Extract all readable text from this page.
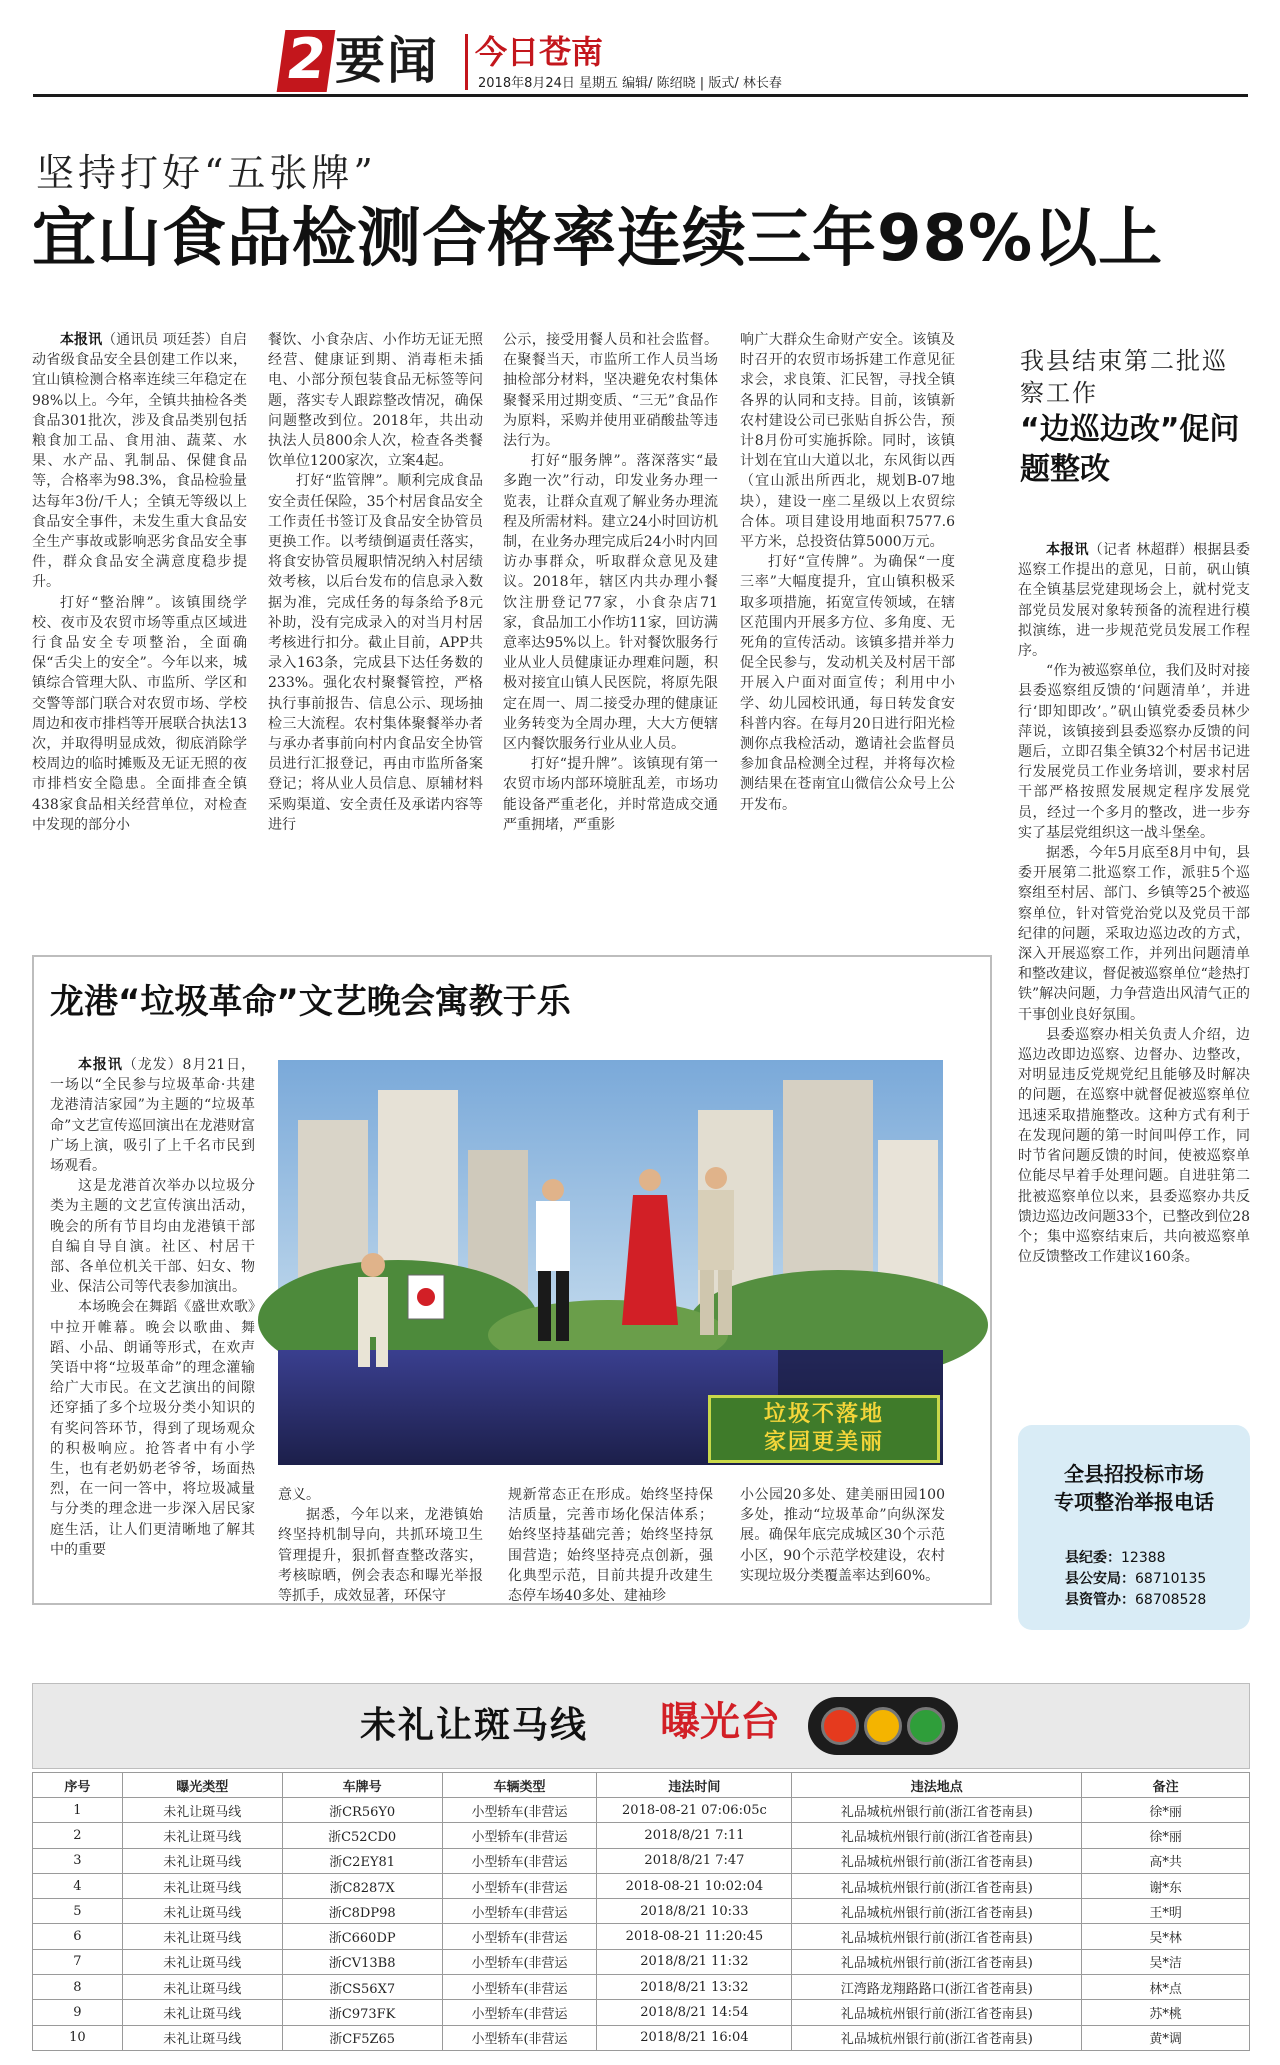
2 要闻 今日苍南
2018年8月24日 星期五 编辑/ 陈绍晓 | 版式/ 林长春
坚持打好“五张牌”
宜山食品检测合格率连续三年98%以上

本报讯（通讯员 项廷荟）自启动省级食品安全县创建工作以来，宜山镇检测合格率连续三年稳定在98%以上。今年，全镇共抽检各类食品301批次，涉及食品类别包括粮食加工品、食用油、蔬菜、水果、水产品、乳制品、保健食品等，合格率为98.3%，食品检验量达每年3份/千人；全镇无等级以上食品安全事件，未发生重大食品安全生产事故或影响恶劣食品安全事件，群众食品安全满意度稳步提升。

打好“整治牌”。该镇围绕学校、夜市及农贸市场等重点区域进行食品安全专项整治，全面确保“舌尖上的安全”。今年以来，城镇综合管理大队、市监所、学区和交警等部门联合对农贸市场、学校周边和夜市排档等开展联合执法13次，并取得明显成效，彻底消除学校周边的临时摊贩及无证无照的夜市排档安全隐患。全面排查全镇438家食品相关经营单位，对检查中发现的部分小

餐饮、小食杂店、小作坊无证无照经营、健康证到期、消毒柜未插电、小部分预包装食品无标签等问题，落实专人跟踪整改情况，确保问题整改到位。2018年，共出动执法人员800余人次，检查各类餐饮单位1200家次，立案4起。

打好“监管牌”。顺利完成食品安全责任保险，35个村居食品安全工作责任书签订及食品安全协管员更换工作。以考绩倒逼责任落实，将食安协管员履职情况纳入村居绩效考核，以后台发布的信息录入数据为准，完成任务的每条给予8元补助，没有完成录入的对当月村居考核进行扣分。截止目前，APP共录入163条，完成县下达任务数的233%。强化农村聚餐管控，严格执行事前报告、信息公示、现场抽检三大流程。农村集体聚餐举办者与承办者事前向村内食品安全协管员进行汇报登记，再由市监所备案登记；将从业人员信息、原辅材料采购渠道、安全责任及承诺内容等进行

公示，接受用餐人员和社会监督。在聚餐当天，市监所工作人员当场抽检部分材料，坚决避免农村集体聚餐采用过期变质、“三无”食品作为原料，采购并使用亚硝酸盐等违法行为。

打好“服务牌”。落深落实“最多跑一次”行动，印发业务办理一览表，让群众直观了解业务办理流程及所需材料。建立24小时回访机制，在业务办理完成后24小时内回访办事群众，听取群众意见及建议。2018年，辖区内共办理小餐饮注册登记77家，小食杂店71家，食品加工小作坊11家，回访满意率达95%以上。针对餐饮服务行业从业人员健康证办理难问题，积极对接宜山镇人民医院，将原先限定在周一、周二接受办理的健康证业务转变为全周办理，大大方便辖区内餐饮服务行业从业人员。

打好“提升牌”。该镇现有第一农贸市场内部环境脏乱差，市场功能设备严重老化，并时常造成交通严重拥堵，严重影

响广大群众生命财产安全。该镇及时召开的农贸市场拆建工作意见征求会，求良策、汇民智，寻找全镇各界的认同和支持。目前，该镇新农村建设公司已张贴自拆公告，预计8月份可实施拆除。同时，该镇计划在宜山大道以北，东风街以西（宜山派出所西北，规划B-07地块），建设一座二星级以上农贸综合体。项目建设用地面积7577.6平方米，总投资估算5000万元。

打好“宣传牌”。为确保“一度三率”大幅度提升，宜山镇积极采取多项措施，拓宽宣传领域，在辖区范围内开展多方位、多角度、无死角的宣传活动。该镇多措并举力促全民参与，发动机关及村居干部开展入户面对面宣传；利用中小学、幼儿园校讯通，每日转发食安科普内容。在每月20日进行阳光检测你点我检活动，邀请社会监督员参加食品检测全过程，并将每次检测结果在苍南宜山微信公众号上公开发布。

我县结束第二批巡察工作
“边巡边改”促问题整改

本报讯（记者 林超群）根据县委巡察工作提出的意见，日前，矾山镇在全镇基层党建现场会上，就村党支部党员发展对象转预备的流程进行模拟演练，进一步规范党员发展工作程序。

“作为被巡察单位，我们及时对接县委巡察组反馈的‘问题清单’，并进行‘即知即改’。”矾山镇党委委员林少萍说，该镇接到县委巡察办反馈的问题后，立即召集全镇32个村居书记进行发展党员工作业务培训，要求村居干部严格按照发展规定程序发展党员，经过一个多月的整改，进一步夯实了基层党组织这一战斗堡垒。

据悉，今年5月底至8月中旬，县委开展第二批巡察工作，派驻5个巡察组至村居、部门、乡镇等25个被巡察单位，针对管党治党以及党员干部纪律的问题，采取边巡边改的方式，深入开展巡察工作，并列出问题清单和整改建议，督促被巡察单位“趁热打铁”解决问题，力争营造出风清气正的干事创业良好氛围。

县委巡察办相关负责人介绍，边巡边改即边巡察、边督办、边整改，对明显违反党规党纪且能够及时解决的问题，在巡察中就督促被巡察单位迅速采取措施整改。这种方式有利于在发现问题的第一时间叫停工作，同时节省问题反馈的时间，使被巡察单位能尽早着手处理问题。自进驻第二批被巡察单位以来，县委巡察办共反馈边巡边改问题33个，已整改到位28个；集中巡察结束后，共向被巡察单位反馈整改工作建议160条。

龙港“垃圾革命”文艺晚会寓教于乐

本报讯（龙发）8月21日，一场以“全民参与垃圾革命·共建龙港清洁家园”为主题的“垃圾革命”文艺宣传巡回演出在龙港财富广场上演，吸引了上千名市民到场观看。

这是龙港首次举办以垃圾分类为主题的文艺宣传演出活动，晚会的所有节目均由龙港镇干部自编自导自演。社区、村居干部、各单位机关干部、妇女、物业、保洁公司等代表参加演出。

本场晚会在舞蹈《盛世欢歌》中拉开帷幕。晚会以歌曲、舞蹈、小品、朗诵等形式，在欢声笑语中将“垃圾革命”的理念灌输给广大市民。在文艺演出的间隙还穿插了多个垃圾分类小知识的有奖问答环节，得到了现场观众的积极响应。抢答者中有小学生，也有老奶奶老爷爷，场面热烈，在一问一答中，将垃圾减量与分类的理念进一步深入居民家庭生活，让人们更清晰地了解其中的重要

垃圾不落地
家园更美丽

意义。

据悉，今年以来，龙港镇始终坚持机制导向，共抓环境卫生管理提升，狠抓督查整改落实，考核晾晒，例会表态和曝光举报等抓手，成效显著，环保守

规新常态正在形成。始终坚持保洁质量，完善市场化保洁体系；始终坚持基础完善；始终坚持氛围营造；始终坚持亮点创新，强化典型示范，目前共提升改建生态停车场40多处、建袖珍

小公园20多处、建美丽田园100多处，推动“垃圾革命”向纵深发展。确保年底完成城区30个示范小区，90个示范学校建设，农村实现垃圾分类覆盖率达到60%。

全县招投标市场
专项整治举报电话
县纪委：12388
县公安局：68710135
县资管办：68708528
未礼让斑马线 曝光台
序号	曝光类型	车牌号	车辆类型	违法时间	违法地点	备注
1	未礼让斑马线	浙CR56Y0	小型轿车(非营运	2018-08-21 07:06:05c	礼品城杭州银行前(浙江省苍南县)	徐*丽
2	未礼让斑马线	浙C52CD0	小型轿车(非营运	2018/8/21 7:11	礼品城杭州银行前(浙江省苍南县)	徐*丽
3	未礼让斑马线	浙C2EY81	小型轿车(非营运	2018/8/21 7:47	礼品城杭州银行前(浙江省苍南县)	高*共
4	未礼让斑马线	浙C8287X	小型轿车(非营运	2018-08-21 10:02:04	礼品城杭州银行前(浙江省苍南县)	谢*东
5	未礼让斑马线	浙C8DP98	小型轿车(非营运	2018/8/21 10:33	礼品城杭州银行前(浙江省苍南县)	王*明
6	未礼让斑马线	浙C660DP	小型轿车(非营运	2018-08-21 11:20:45	礼品城杭州银行前(浙江省苍南县)	吴*林
7	未礼让斑马线	浙CV13B8	小型轿车(非营运	2018/8/21 11:32	礼品城杭州银行前(浙江省苍南县)	吴*洁
8	未礼让斑马线	浙CS56X7	小型轿车(非营运	2018/8/21 13:32	江湾路龙翔路路口(浙江省苍南县)	林*点
9	未礼让斑马线	浙C973FK	小型轿车(非营运	2018/8/21 14:54	礼品城杭州银行前(浙江省苍南县)	苏*桃
10	未礼让斑马线	浙CF5Z65	小型轿车(非营运	2018/8/21 16:04	礼品城杭州银行前(浙江省苍南县)	黄*调
